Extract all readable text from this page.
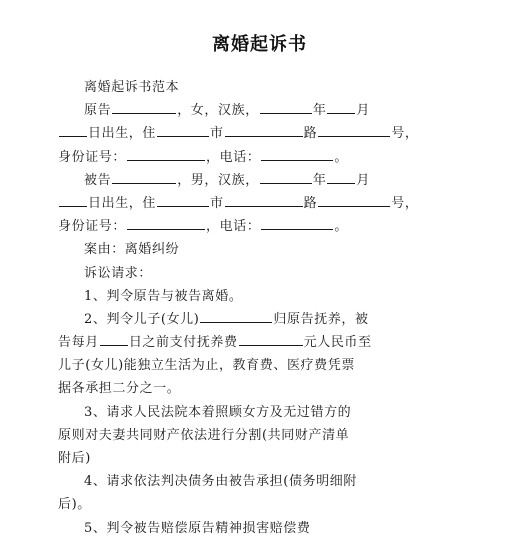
离婚起诉书
离婚起诉书范本
原告	，女，汉族，	年 月
日出生，住	市	路	号，
身份证号：	，电话：	。
被告	，男，汉族，	年 月
日出生，住	市	路	号，
身份证号：	，电话：	。
案由：离婚纠纷
诉讼请求：
1、判令原告与被告离婚。
2、判令儿子(女儿)	归原告抚养，被
告每月 日之前支付抚养费	元人民币至
儿子(女儿)能独立生活为止，教育费、医疗费凭票
据各承担二分之一。
3、请求人民法院本着照顾女方及无过错方的
原则对夫妻共同财产依法进行分割(共同财产清单
附后)
4、请求依法判决债务由被告承担(债务明细附
后)。
5、判令被告赔偿原告精神损害赔偿费
